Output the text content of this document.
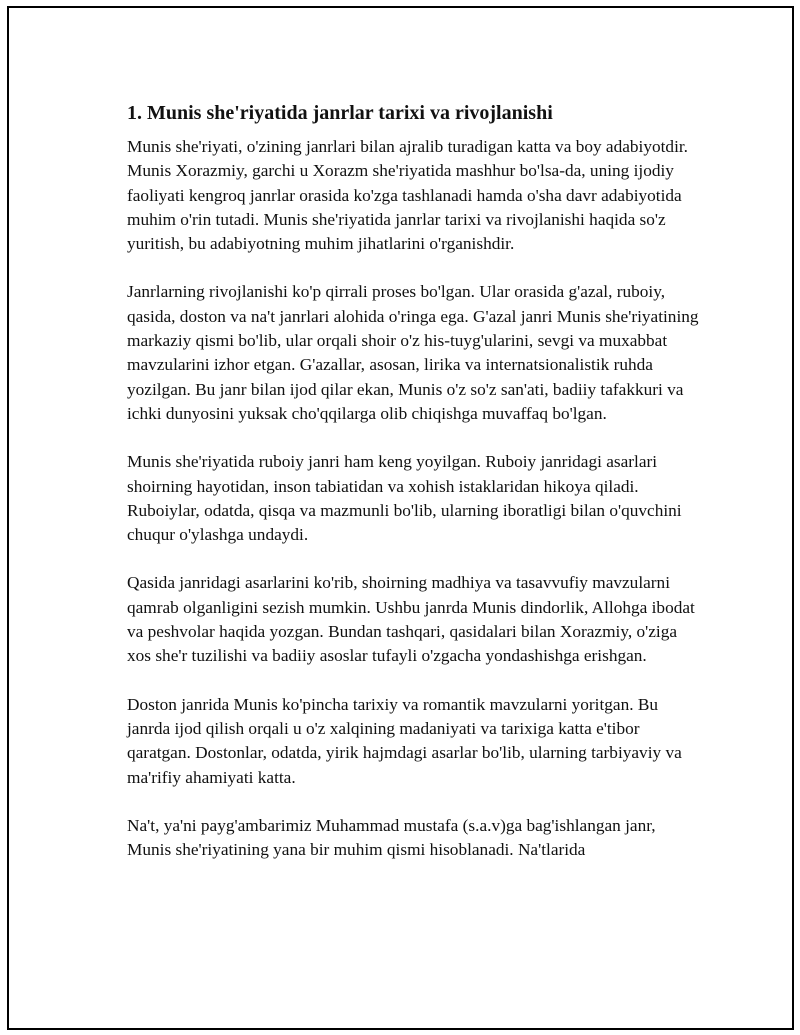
1. Munis she'riyatida janrlar tarixi va rivojlanishi

Munis she'riyati, o'zining janrlari bilan ajralib turadigan katta va boy adabiyotdir. Munis Xorazmiy, garchi u Xorazm she'riyatida mashhur bo'lsa-da, uning ijodiy faoliyati kengroq janrlar orasida ko'zga tashlanadi hamda o'sha davr adabiyotida muhim o'rin tutadi. Munis she'riyatida janrlar tarixi va rivojlanishi haqida so'z yuritish, bu adabiyotning muhim jihatlarini o'rganishdir.

Janrlarning rivojlanishi ko'p qirrali proses bo'lgan. Ular orasida g'azal, ruboiy, qasida, doston va na't janrlari alohida o'ringa ega. G'azal janri Munis she'riyatining markaziy qismi bo'lib, ular orqali shoir o'z his-tuyg'ularini, sevgi va muxabbat mavzularini izhor etgan. G'azallar, asosan, lirika va internatsionalistik ruhda yozilgan. Bu janr bilan ijod qilar ekan, Munis o'z so'z san'ati, badiiy tafakkuri va ichki dunyosini yuksak cho'qqilarga olib chiqishga muvaffaq bo'lgan.

Munis she'riyatida ruboiy janri ham keng yoyilgan. Ruboiy janridagi asarlari shoirning hayotidan, inson tabiatidan va xohish istaklaridan hikoya qiladi. Ruboiylar, odatda, qisqa va mazmunli bo'lib, ularning iboratligi bilan o'quvchini chuqur o'ylashga undaydi.

Qasida janridagi asarlarini ko'rib, shoirning madhiya va tasavvufiy mavzularni qamrab olganligini sezish mumkin. Ushbu janrda Munis dindorlik, Allohga ibodat va peshvolar haqida yozgan. Bundan tashqari, qasidalari bilan Xorazmiy, o'ziga xos she'r tuzilishi va badiiy asoslar tufayli o'zgacha yondashishga erishgan.

Doston janrida Munis ko'pincha tarixiy va romantik mavzularni yoritgan. Bu janrda ijod qilish orqali u o'z xalqining madaniyati va tarixiga katta e'tibor qaratgan. Dostonlar, odatda, yirik hajmdagi asarlar bo'lib, ularning tarbiyaviy va ma'rifiy ahamiyati katta.

Na't, ya'ni payg'ambarimiz Muhammad mustafa (s.a.v)ga bag'ishlangan janr, Munis she'riyatining yana bir muhim qismi hisoblanadi. Na'tlarida
